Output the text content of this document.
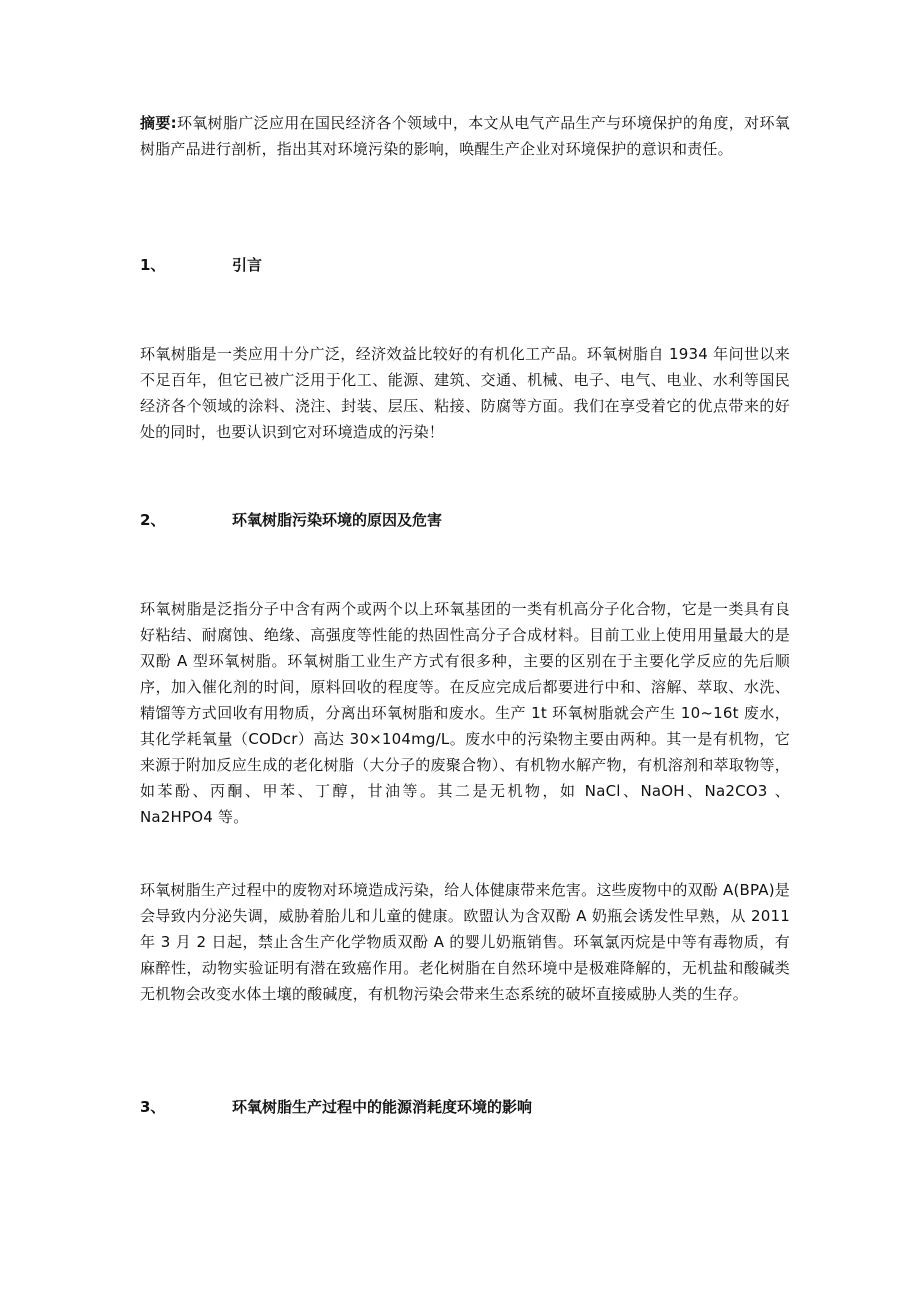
摘要:环氧树脂广泛应用在国民经济各个领域中，本文从电气产品生产与环境保护的角度，对环氧树脂产品进行剖析，指出其对环境污染的影响，唤醒生产企业对环境保护的意识和责任。

1、	引言

环氧树脂是一类应用十分广泛，经济效益比较好的有机化工产品。环氧树脂自 1934 年问世以来不足百年，但它已被广泛用于化工、能源、建筑、交通、机械、电子、电气、电业、水利等国民经济各个领域的涂料、浇注、封装、层压、粘接、防腐等方面。我们在享受着它的优点带来的好处的同时，也要认识到它对环境造成的污染！

2、	环氧树脂污染环境的原因及危害

环氧树脂是泛指分子中含有两个或两个以上环氧基团的一类有机高分子化合物，它是一类具有良好粘结、耐腐蚀、绝缘、高强度等性能的热固性高分子合成材料。目前工业上使用用量最大的是双酚 A 型环氧树脂。环氧树脂工业生产方式有很多种，主要的区别在于主要化学反应的先后顺序，加入催化剂的时间，原料回收的程度等。在反应完成后都要进行中和、溶解、萃取、水洗、精馏等方式回收有用物质，分离出环氧树脂和废水。生产 1t 环氧树脂就会产生 10~16t 废水，其化学耗氧量（CODcr）高达 30×104mg/L。废水中的污染物主要由两种。其一是有机物，它来源于附加反应生成的老化树脂（大分子的废聚合物）、有机物水解产物，有机溶剂和萃取物等，如苯酚、丙酮、甲苯、丁醇，甘油等。其二是无机物，如 NaCl、NaOH、Na2CO3 、Na2HPO4 等。

环氧树脂生产过程中的废物对环境造成污染，给人体健康带来危害。这些废物中的双酚 A(BPA)是会导致内分泌失调，威胁着胎儿和儿童的健康。欧盟认为含双酚 A 奶瓶会诱发性早熟，从 2011 年 3 月 2 日起，禁止含生产化学物质双酚 A 的婴儿奶瓶销售。环氧氯丙烷是中等有毒物质，有麻醉性，动物实验证明有潜在致癌作用。老化树脂在自然环境中是极难降解的，无机盐和酸碱类无机物会改变水体土壤的酸碱度，有机物污染会带来生态系统的破坏直接威胁人类的生存。

3、	环氧树脂生产过程中的能源消耗度环境的影响
